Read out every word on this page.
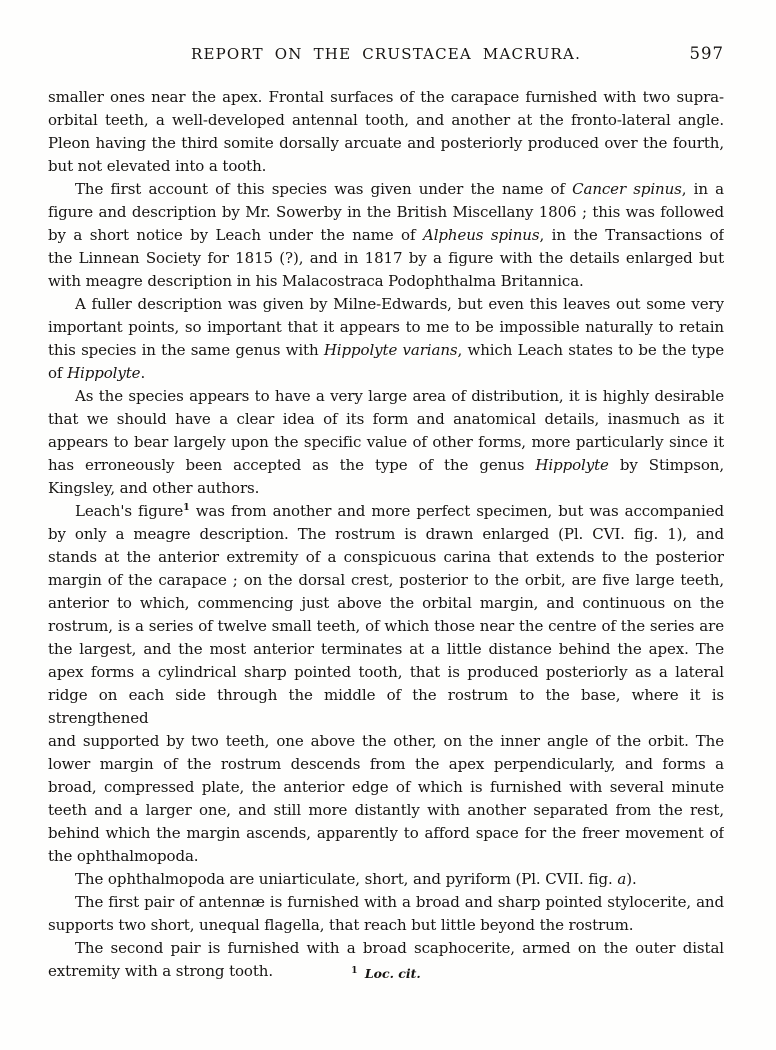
REPORT ON THE CRUSTACEA MACRURA.	597
smaller ones near the apex. Frontal surfaces of the carapace furnished with two supra-
orbital teeth, a well-developed antennal tooth, and another at the fronto-lateral angle.
Pleon having the third somite dorsally arcuate and posteriorly produced over the fourth,
but not elevated into a tooth.
The first account of this species was given under the name of Cancer spinus, in a
figure and description by Mr. Sowerby in the British Miscellany 1806 ; this was followed
by a short notice by Leach under the name of Alpheus spinus, in the Transactions of
the Linnean Society for 1815 (?), and in 1817 by a figure with the details enlarged but
with meagre description in his Malacostraca Podophthalma Britannica.
A fuller description was given by Milne-Edwards, but even this leaves out some very
important points, so important that it appears to me to be impossible naturally to retain
this species in the same genus with Hippolyte varians, which Leach states to be the type
of Hippolyte.
As the species appears to have a very large area of distribution, it is highly desirable
that we should have a clear idea of its form and anatomical details, inasmuch as it
appears to bear largely upon the specific value of other forms, more particularly since it
has erroneously been accepted as the type of the genus Hippolyte by Stimpson,
Kingsley, and other authors.
Leach's figure$^1$ was from another and more perfect specimen, but was accompanied
by only a meagre description. The rostrum is drawn enlarged (Pl. CVI. fig. 1), and
stands at the anterior extremity of a conspicuous carina that extends to the posterior
margin of the carapace ; on the dorsal crest, posterior to the orbit, are five large teeth,
anterior to which, commencing just above the orbital margin, and continuous on the
rostrum, is a series of twelve small teeth, of which those near the centre of the series are
the largest, and the most anterior terminates at a little distance behind the apex. The
apex forms a cylindrical sharp pointed tooth, that is produced posteriorly as a lateral
ridge on each side through the middle of the rostrum to the base, where it is strengthened
and supported by two teeth, one above the other, on the inner angle of the orbit. The
lower margin of the rostrum descends from the apex perpendicularly, and forms a
broad, compressed plate, the anterior edge of which is furnished with several minute
teeth and a larger one, and still more distantly with another separated from the rest,
behind which the margin ascends, apparently to afford space for the freer movement of
the ophthalmopoda.
The ophthalmopoda are uniarticulate, short, and pyriform (Pl. CVII. fig. a).
The first pair of antennæ is furnished with a broad and sharp pointed stylocerite, and
supports two short, unequal flagella, that reach but little beyond the rostrum.
The second pair is furnished with a broad scaphocerite, armed on the outer distal
extremity with a strong tooth.	$^1$ Loc. cit.
